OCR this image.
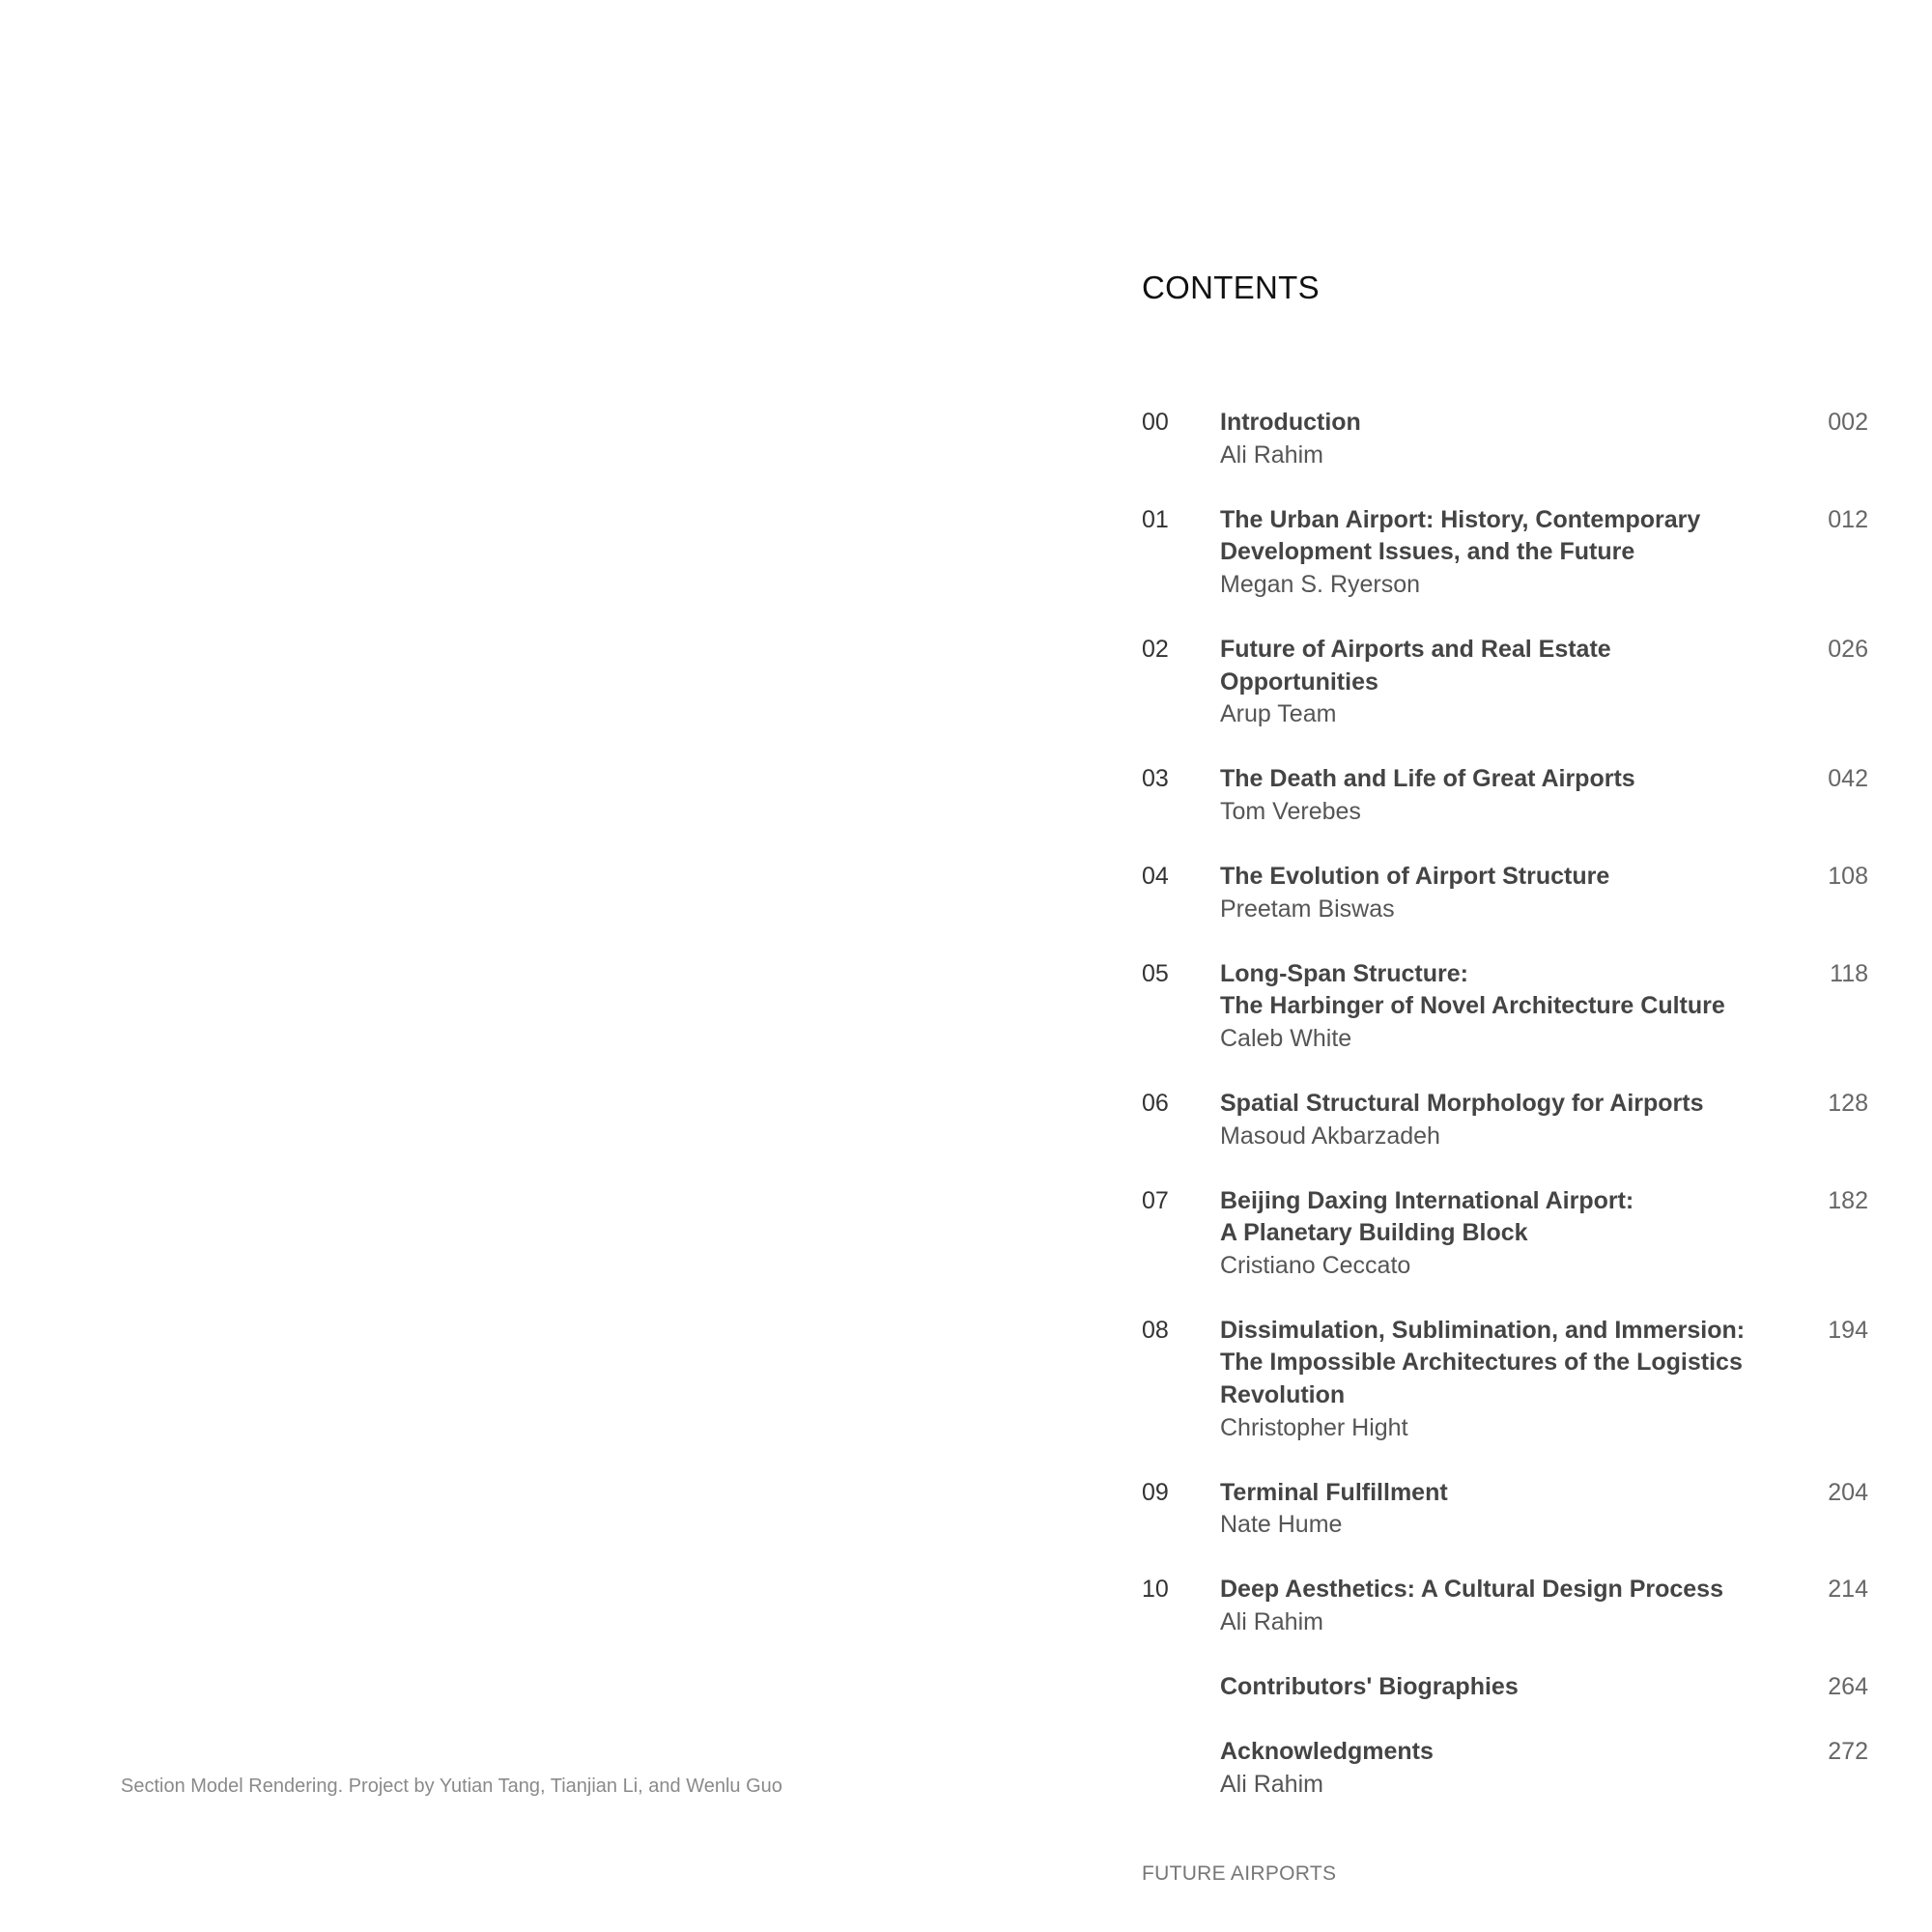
Section Model Rendering. Project by Yutian Tang, Tianjian Li, and Wenlu Guo
CONTENTS
00 Introduction
Ali Rahim
002
01 The Urban Airport: History, Contemporary
Development Issues, and the Future
Megan S. Ryerson
012
02 Future of Airports and Real Estate
Opportunities
Arup Team
026
03 The Death and Life of Great Airports
Tom Verebes
042
04 The Evolution of Airport Structure
Preetam Biswas
108
05 Long-Span Structure:
The Harbinger of Novel Architecture Culture
Caleb White
118
06 Spatial Structural Morphology for Airports
Masoud Akbarzadeh
128
07 Beijing Daxing International Airport:
A Planetary Building Block
Cristiano Ceccato
182
08 Dissimulation, Sublimination, and Immersion:
The Impossible Architectures of the Logistics
Revolution
Christopher Hight
194
09 Terminal Fulfillment
Nate Hume
204
10 Deep Aesthetics: A Cultural Design Process
Ali Rahim
214
Contributors' Biographies	264
Acknowledgments
Ali Rahim
272
FUTURE AIRPORTS
